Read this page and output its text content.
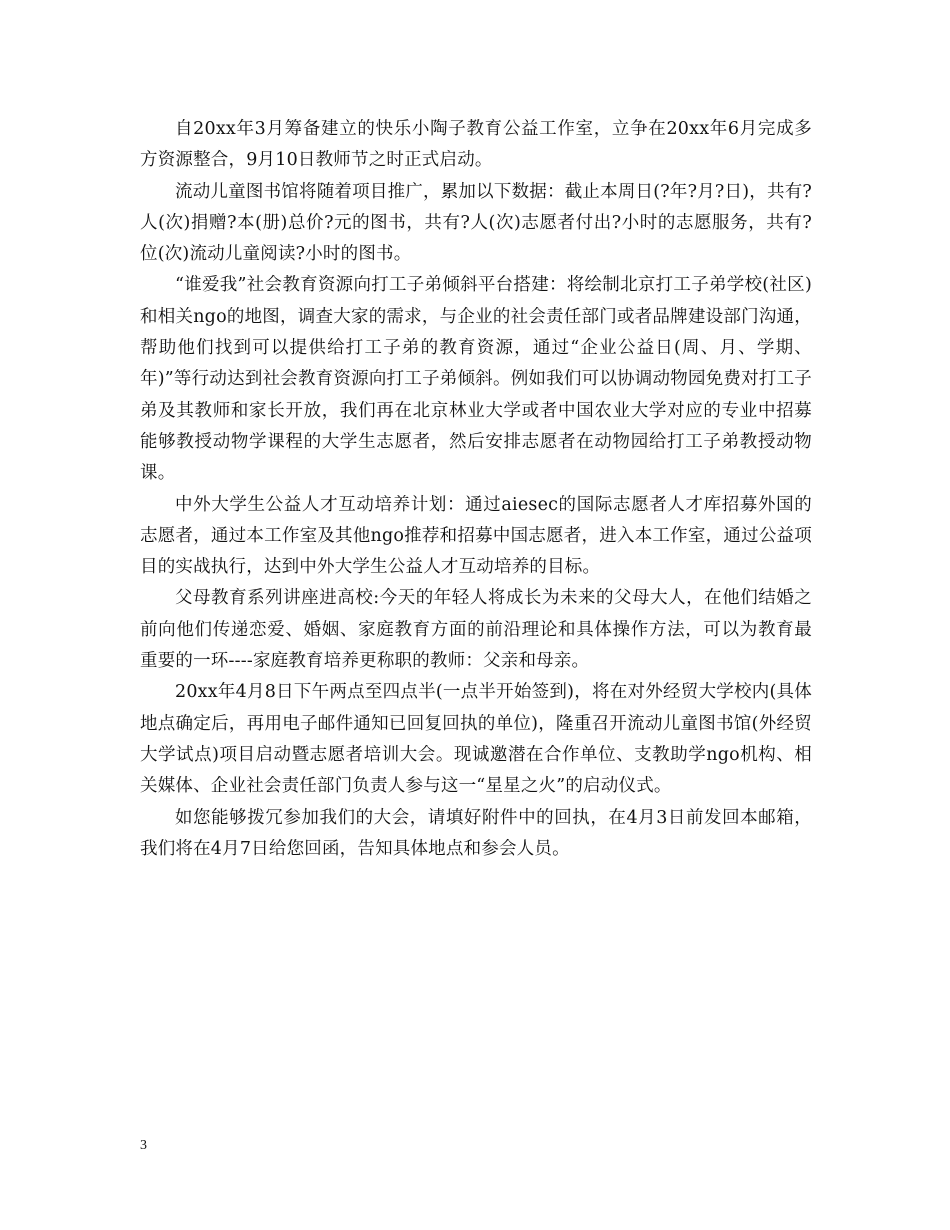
自20xx年3月筹备建立的快乐小陶子教育公益工作室，立争在20xx年6月完成多方资源整合，9月10日教师节之时正式启动。

流动儿童图书馆将随着项目推广，累加以下数据：截止本周日(?年?月?日)，共有?人(次)捐赠?本(册)总价?元的图书，共有?人(次)志愿者付出?小时的志愿服务，共有?位(次)流动儿童阅读?小时的图书。

“谁爱我”社会教育资源向打工子弟倾斜平台搭建：将绘制北京打工子弟学校(社区)和相关ngo的地图，调查大家的需求，与企业的社会责任部门或者品牌建设部门沟通，帮助他们找到可以提供给打工子弟的教育资源，通过“企业公益日(周、月、学期、年)”等行动达到社会教育资源向打工子弟倾斜。例如我们可以协调动物园免费对打工子弟及其教师和家长开放，我们再在北京林业大学或者中国农业大学对应的专业中招募能够教授动物学课程的大学生志愿者，然后安排志愿者在动物园给打工子弟教授动物课。

中外大学生公益人才互动培养计划：通过aiesec的国际志愿者人才库招募外国的志愿者，通过本工作室及其他ngo推荐和招募中国志愿者，进入本工作室，通过公益项目的实战执行，达到中外大学生公益人才互动培养的目标。

父母教育系列讲座进高校:今天的年轻人将成长为未来的父母大人，在他们结婚之前向他们传递恋爱、婚姻、家庭教育方面的前沿理论和具体操作方法，可以为教育最重要的一环----家庭教育培养更称职的教师：父亲和母亲。

20xx年4月8日下午两点至四点半(一点半开始签到)，将在对外经贸大学校内(具体地点确定后，再用电子邮件通知已回复回执的单位)，隆重召开流动儿童图书馆(外经贸大学试点)项目启动暨志愿者培训大会。现诚邀潜在合作单位、支教助学ngo机构、相关媒体、企业社会责任部门负责人参与这一“星星之火”的启动仪式。

如您能够拨冗参加我们的大会，请填好附件中的回执，在4月3日前发回本邮箱，我们将在4月7日给您回函，告知具体地点和参会人员。

3
